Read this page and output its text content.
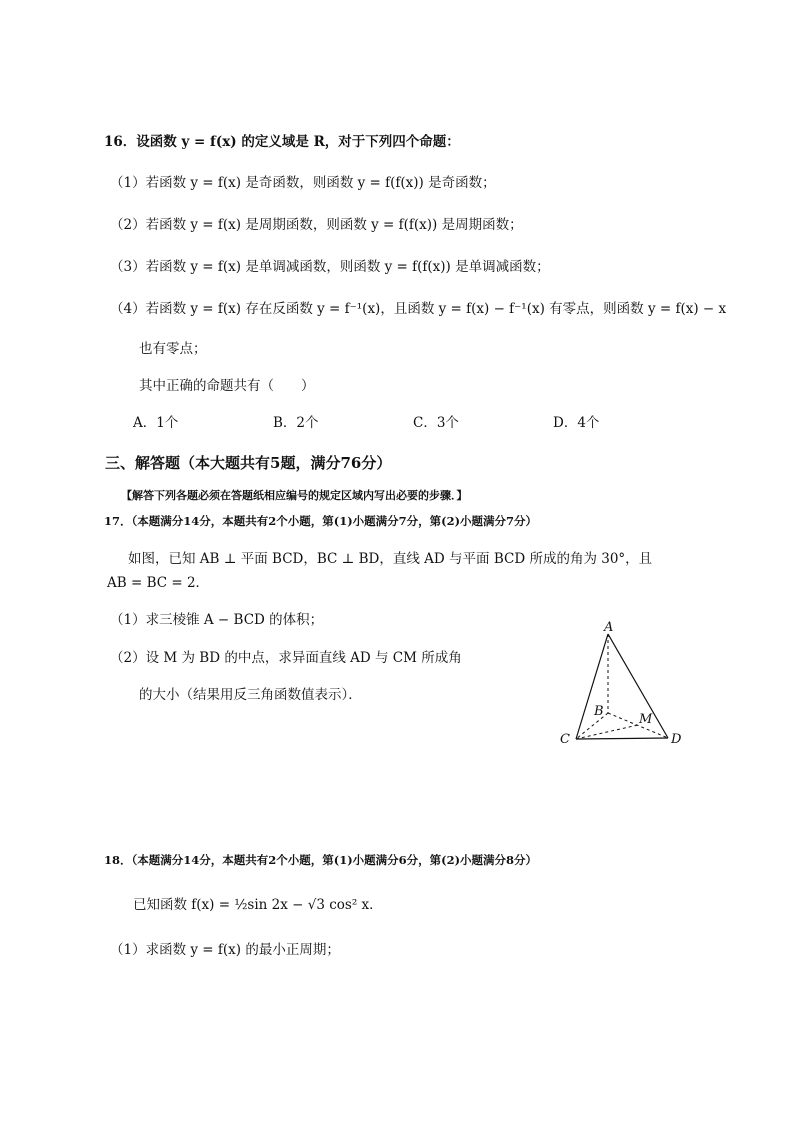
16．设函数 y = f(x) 的定义域是 R，对于下列四个命题：
（1）若函数 y = f(x) 是奇函数，则函数 y = f(f(x)) 是奇函数；
（2）若函数 y = f(x) 是周期函数，则函数 y = f(f(x)) 是周期函数；
（3）若函数 y = f(x) 是单调减函数，则函数 y = f(f(x)) 是单调减函数；
（4）若函数 y = f(x) 存在反函数 y = f⁻¹(x)，且函数 y = f(x) − f⁻¹(x) 有零点，则函数 y = f(x) − x
也有零点；
其中正确的命题共有（　　）
A．1个	B．2个	C．3个	D．4个
三、解答题（本大题共有5题，满分76分）
【解答下列各题必须在答题纸相应编号的规定区域内写出必要的步骤．】
17．（本题满分14分，本题共有2个小题，第(1)小题满分7分，第(2)小题满分7分）
如图，已知 AB ⊥ 平面 BCD，BC ⊥ BD，直线 AD 与平面 BCD 所成的角为 30°，且
AB = BC = 2．
（1）求三棱锥 A − BCD 的体积；
（2）设 M 为 BD 的中点，求异面直线 AD 与 CM 所成角
的大小（结果用反三角函数值表示）．
A
B
C	D
M
18．（本题满分14分，本题共有2个小题，第(1)小题满分6分，第(2)小题满分8分）
已知函数 f(x) = ½sin 2x − √3 cos² x．
（1）求函数 y = f(x) 的最小正周期；
